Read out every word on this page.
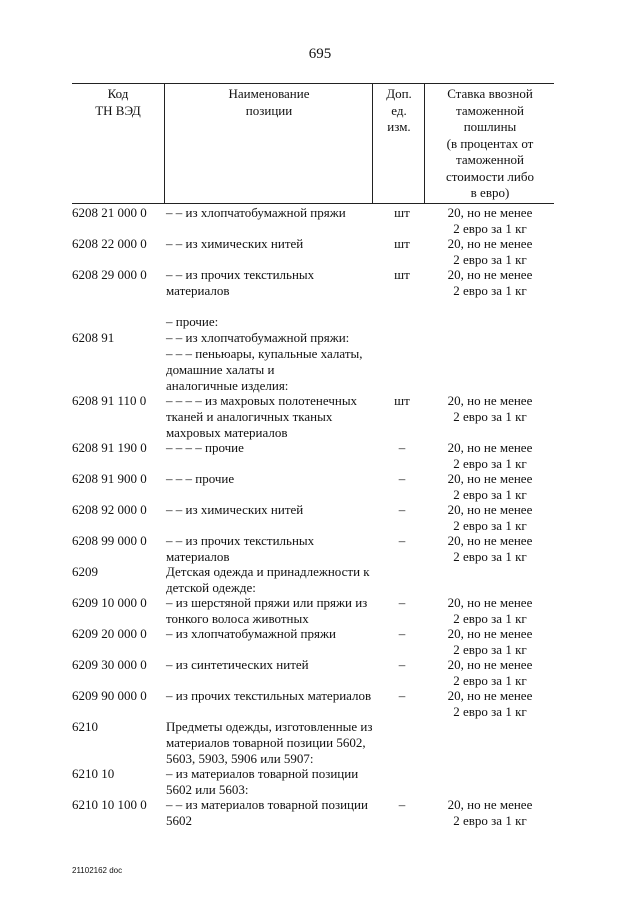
695
Код
ТН ВЭД
Наименование
позиции
Доп.
ед.
изм.
Ставка ввозной
таможенной
пошлины
(в процентах от
таможенной
стоимости либо
в евро)
6208 21 000 0	– – из хлопчатобумажной пряжи	шт	20, но не менее
2 евро за 1 кг
6208 22 000 0	– – из химических нитей	шт	20, но не менее
2 евро за 1 кг
6208 29 000 0	– – из прочих текстильных
материалов
шт	20, но не менее
2 евро за 1 кг
– прочие:
6208 91	– – из хлопчатобумажной пряжи:
– – – пеньюары, купальные халаты,
домашние халаты и
аналогичные изделия:
6208 91 110 0	– – – – из махровых полотенечных
тканей и аналогичных тканых
махровых материалов
шт	20, но не менее
2 евро за 1 кг
6208 91 190 0	– – – – прочие	–	20, но не менее
2 евро за 1 кг
6208 91 900 0	– – – прочие	–	20, но не менее
2 евро за 1 кг
6208 92 000 0	– – из химических нитей	–	20, но не менее
2 евро за 1 кг
6208 99 000 0	– – из прочих текстильных
материалов
–	20, но не менее
2 евро за 1 кг
6209	Детская одежда и принадлежности к
детской одежде:
6209 10 000 0	– из шерстяной пряжи или пряжи из
тонкого волоса животных
–	20, но не менее
2 евро за 1 кг
6209 20 000 0	– из хлопчатобумажной пряжи	–	20, но не менее
2 евро за 1 кг
6209 30 000 0	– из синтетических нитей	–	20, но не менее
2 евро за 1 кг
6209 90 000 0	– из прочих текстильных материалов	–	20, но не менее
2 евро за 1 кг
6210	Предметы одежды, изготовленные из
материалов товарной позиции 5602,
5603, 5903, 5906 или 5907:
6210 10	– из материалов товарной позиции
5602 или 5603:
6210 10 100 0	– – из материалов товарной позиции
5602
–	20, но не менее
2 евро за 1 кг
21102162 doc
